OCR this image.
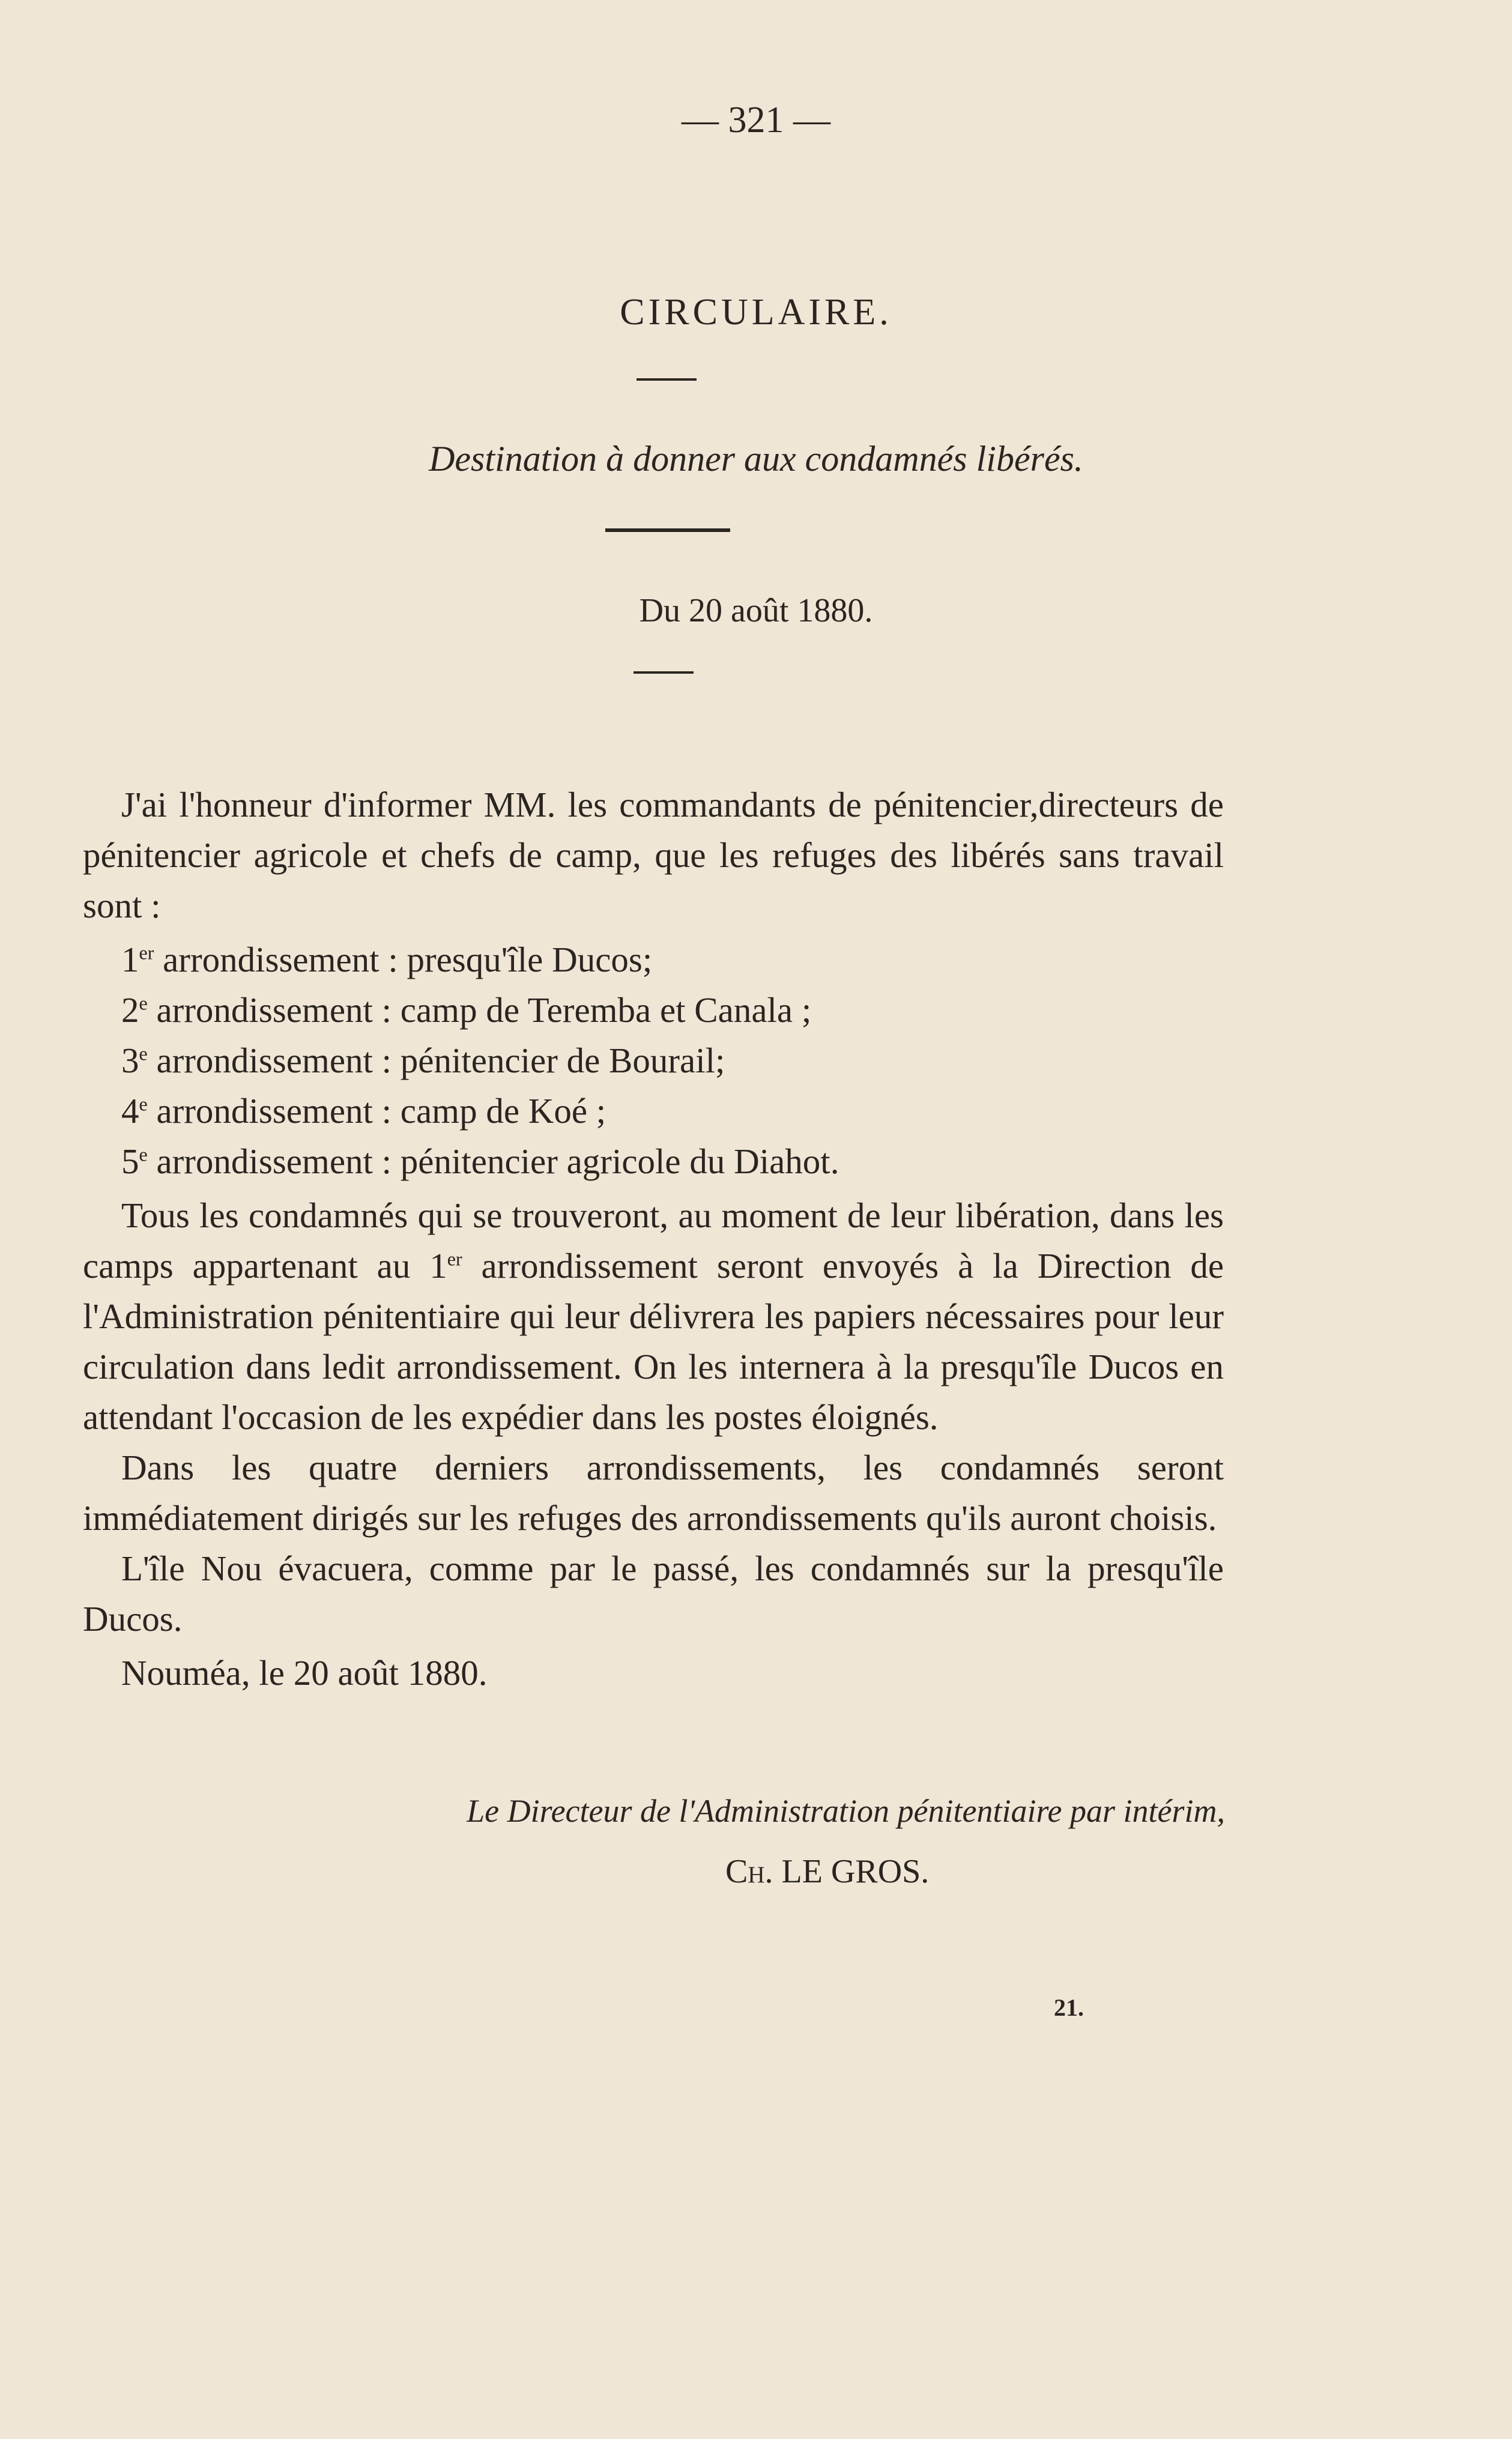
— 321 —
CIRCULAIRE.
Destination à donner aux condamnés libérés.
Du 20 août 1880.

J'ai l'honneur d'informer MM. les commandants de pénitencier,directeurs de pénitencier agricole et chefs de camp, que les refuges des libérés sans travail sont :

1er arrondissement : presqu'île Ducos;

2e arrondissement : camp de Teremba et Canala ;

3e arrondissement : pénitencier de Bourail;

4e arrondissement : camp de Koé ;

5e arrondissement : pénitencier agricole du Diahot.

Tous les condamnés qui se trouveront, au moment de leur libération, dans les camps appartenant au 1er arrondissement seront envoyés à la Direction de l'Administration pénitentiaire qui leur délivrera les papiers nécessaires pour leur circulation dans ledit arrondissement. On les internera à la presqu'île Ducos en attendant l'occasion de les expédier dans les postes éloignés.

Dans les quatre derniers arrondissements, les condamnés seront immédiatement dirigés sur les refuges des arrondissements qu'ils auront choisis.

L'île Nou évacuera, comme par le passé, les condamnés sur la presqu'île Ducos.

Nouméa, le 20 août 1880.

Le Directeur de l'Administration pénitentiaire par intérim,
Ch. LE GROS.
21.
